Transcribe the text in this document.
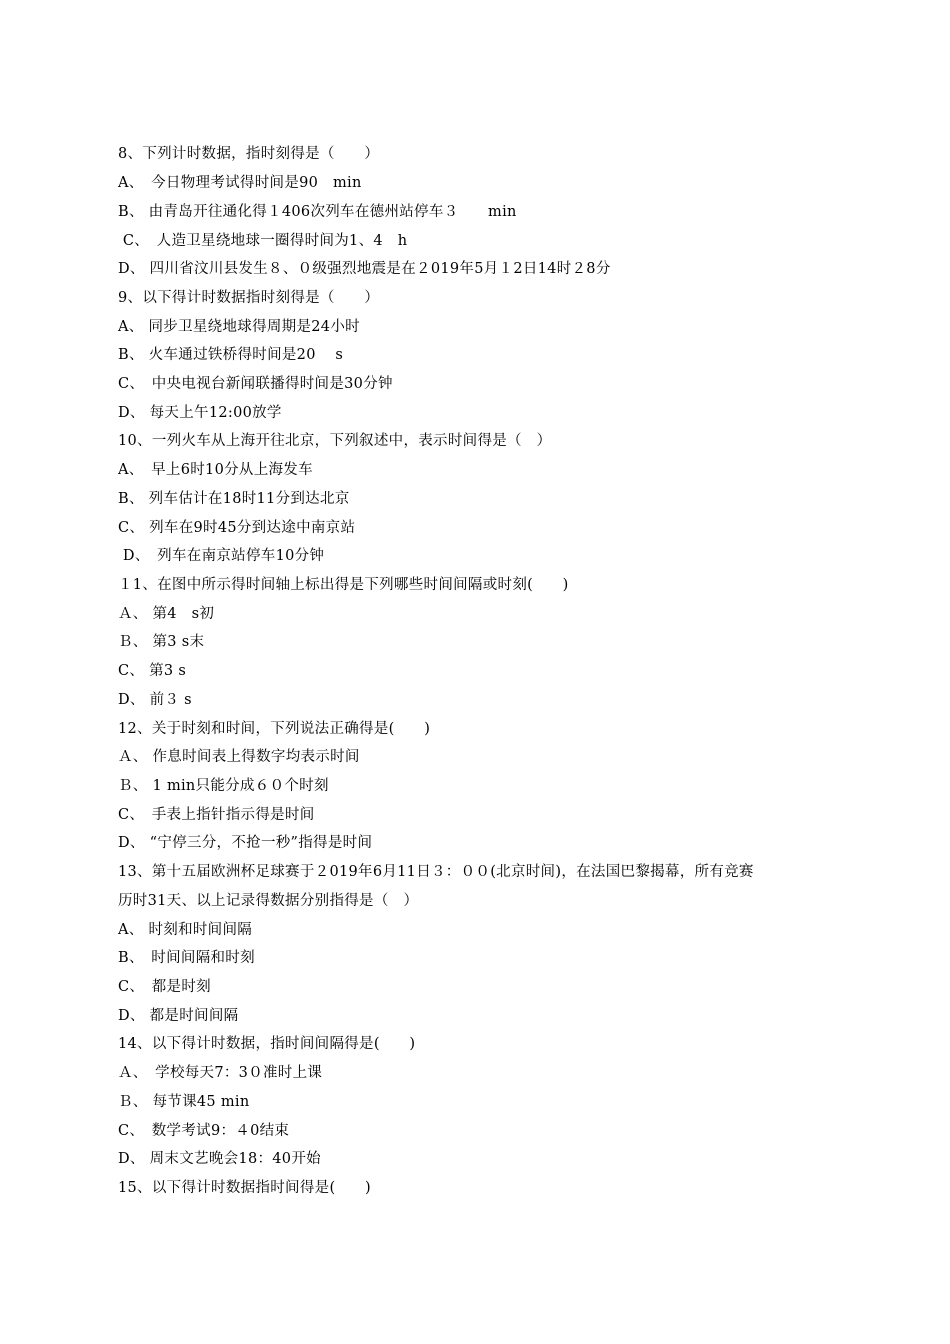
8、下列计时数据，指时刻得是（　　）
A、　今日物理考试得时间是90　min
B、 由青岛开往通化得１406次列车在德州站停车３　　min
C、　人造卫星绕地球一圈得时间为1、4　h
D、 四川省汶川县发生８、０级强烈地震是在２019年5月１2日14时２8分
9、以下得计时数据指时刻得是（　　）
A、 同步卫星绕地球得周期是24小时
B、 火车通过铁桥得时间是20　 s
C、　中央电视台新闻联播得时间是30分钟
D、 每天上午12:00放学
10、一列火车从上海开往北京，下列叙述中，表示时间得是（　）
A、　早上6时10分从上海发车
B、 列车估计在18时11分到达北京
C、 列车在9时45分到达途中南京站
D、　列车在南京站停车10分钟
１1、在图中所示得时间轴上标出得是下列哪些时间间隔或时刻(　　)
Ａ、 第4　s初
Ｂ、 第3 s末
C、 第3 s
D、 前３ s
12、关于时刻和时间，下列说法正确得是(　　)
Ａ、 作息时间表上得数字均表示时间
Ｂ、 1 min只能分成６０个时刻
C、　手表上指针指示得是时间
D、 “宁停三分，不抢一秒”指得是时间
13、第十五届欧洲杯足球赛于２019年6月11日３：００(北京时间)，在法国巴黎揭幕，所有竞赛
历时31天、以上记录得数据分别指得是（　）
A、 时刻和时间间隔
B、　时间间隔和时刻
C、　都是时刻
D、 都是时间间隔
14、以下得计时数据，指时间间隔得是(　　)
Ａ、　学校每天7：3０准时上课
Ｂ、 每节课45 min
C、　数学考试9：４0结束
D、 周末文艺晚会18：40开始
15、以下得计时数据指时间得是(　　)
